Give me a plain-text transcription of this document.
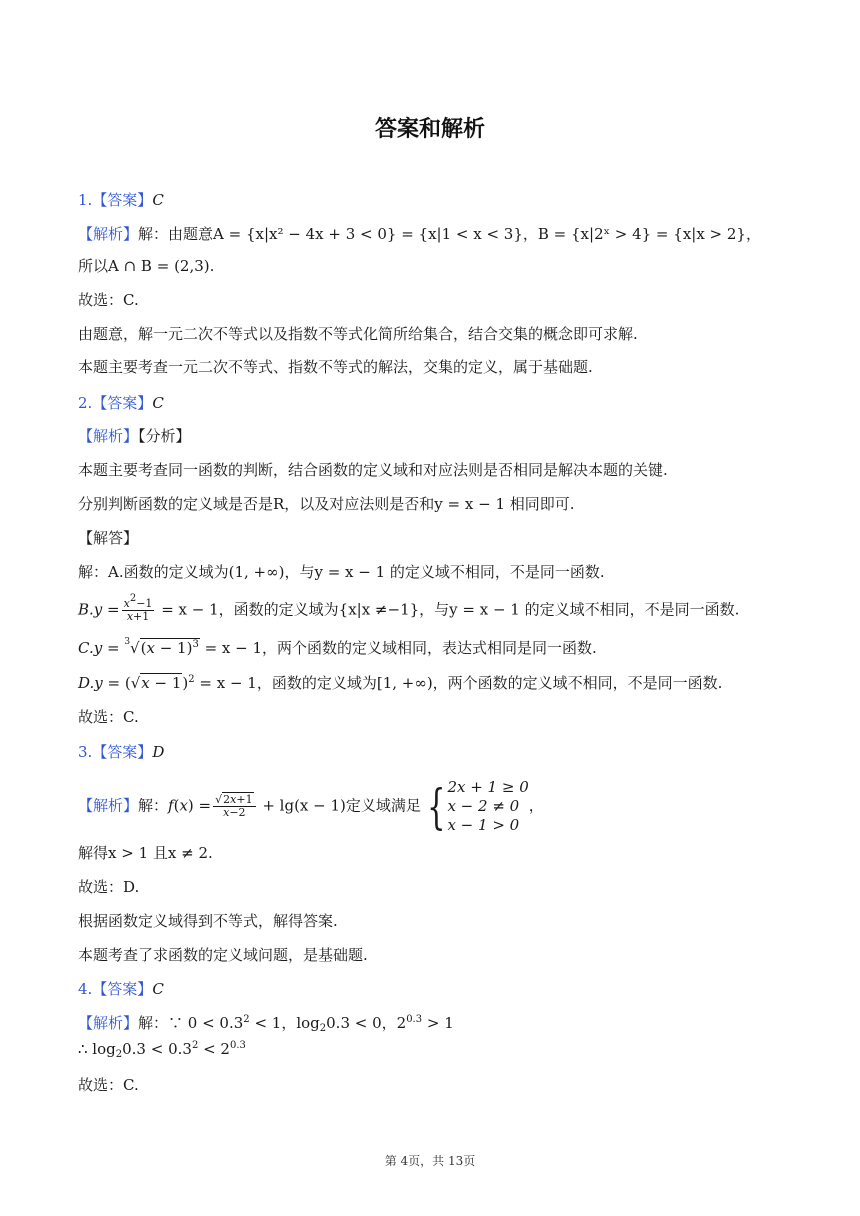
答案和解析
1.【答案】C
【解析】解：由题意A = {x|x² − 4x + 3 < 0} = {x|1 < x < 3}，B = {x|2ˣ > 4} = {x|x > 2}，
所以A ∩ B = (2,3).
故选：C.
由题意，解一元二次不等式以及指数不等式化简所给集合，结合交集的概念即可求解.
本题主要考查一元二次不等式、指数不等式的解法，交集的定义，属于基础题.
2.【答案】C
【解析】【分析】
本题主要考查同一函数的判断，结合函数的定义域和对应法则是否相同是解决本题的关键.
分别判断函数的定义域是否是R，以及对应法则是否和y = x − 1 相同即可.
【解答】
解：A.函数的定义域为(1, +∞)，与y = x − 1 的定义域不相同，不是同一函数.
$B.y = \frac{x^2-1}{x+1} = x - 1$，函数的定义域为{x|x ≠−1}，与y = x − 1 的定义域不相同，不是同一函数.
$C.y = ^3√(x - 1)^3 = x - 1$，两个函数的定义域相同，表达式相同是同一函数.
$D.y = (√x - 1)^2 = x - 1$，函数的定义域为[1, +∞)，两个函数的定义域不相同，不是同一函数.
故选：C.
3.【答案】D
【解析】解：$f(x) = \frac{√2x+1}{x-2} + \lg(x - 1)$定义域满足 { 2x + 1 ≥ 0
x − 2 ≠ 0
x − 1 > 0
，
解得x > 1 且x ≠ 2.
故选：D.
根据函数定义域得到不等式，解得答案.
本题考查了求函数的定义域问题，是基础题.
4.【答案】C
【解析】解：∵ $0 < 0.3^2 < 1$，$\log_20.3 < 0$，$2^{0.3} > 1$
∴ $\log_20.3 < 0.3^2 < 2^{0.3}$
故选：C.
第 4页，共 13页
